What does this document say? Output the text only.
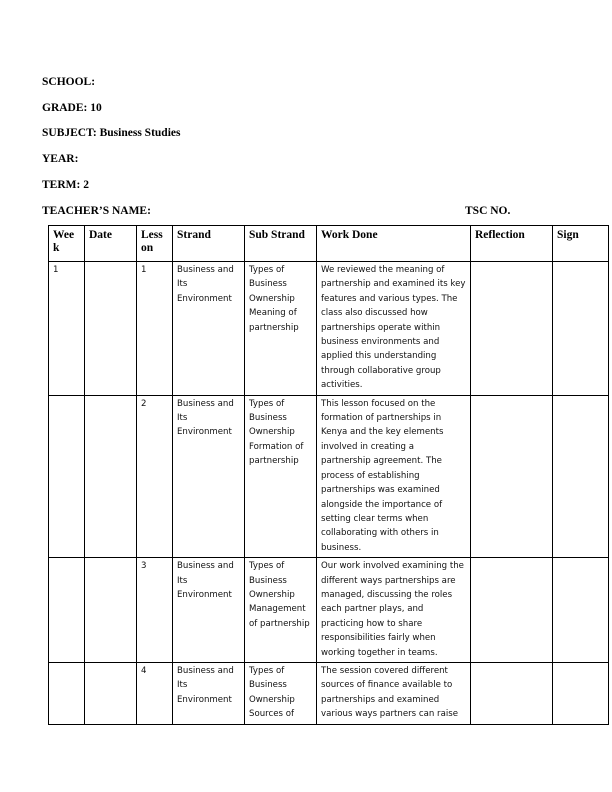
SCHOOL:
GRADE: 10
SUBJECT: Business Studies
YEAR:
TERM: 2
TEACHER’S NAME:	TSC NO.
Week	Date	Lesson	Strand	Sub Strand	Work Done	Reflection	Sign
1		1	Business and Its Environment	Types of Business Ownership Meaning of partnership	We reviewed the meaning of partnership and examined its key features and various types. The class also discussed how partnerships operate within business environments and applied this understanding through collaborative group activities.		
		2	Business and Its Environment	Types of Business Ownership Formation of partnership	This lesson focused on the formation of partnerships in Kenya and the key elements involved in creating a partnership agreement. The process of establishing partnerships was examined alongside the importance of setting clear terms when collaborating with others in business.		
		3	Business and Its Environment	Types of Business Ownership Management of partnership	Our work involved examining the different ways partnerships are managed, discussing the roles each partner plays, and practicing how to share responsibilities fairly when working together in teams.		
		4	Business and Its Environment	Types of Business Ownership Sources of	The session covered different sources of finance available to partnerships and examined various ways partners can raise		
